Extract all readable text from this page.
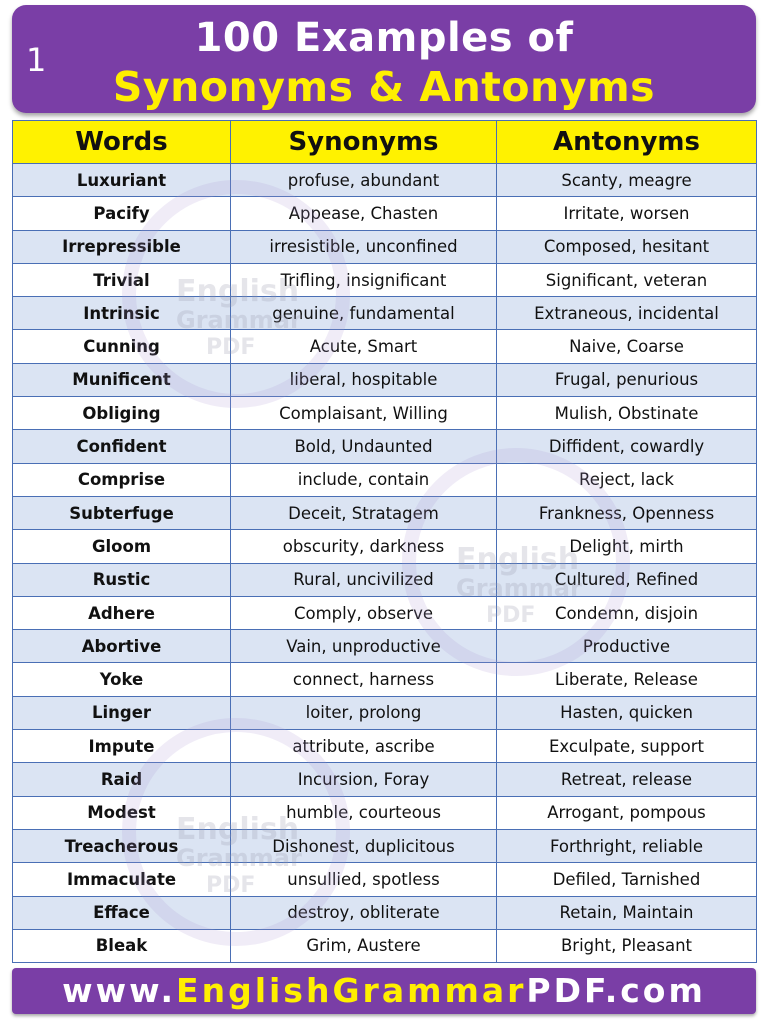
1	100 Examples of
Synonyms & Antonyms
Words	Synonyms	Antonyms
Luxuriant	profuse, abundant	Scanty, meagre
Pacify	Appease, Chasten	Irritate, worsen
Irrepressible	irresistible, unconfined	Composed, hesitant
Trivial	Trifling, insignificant	Significant, veteran
Intrinsic	genuine, fundamental	Extraneous, incidental
Cunning	Acute, Smart	Naive, Coarse
Munificent	liberal, hospitable	Frugal, penurious
Obliging	Complaisant, Willing	Mulish, Obstinate
Confident	Bold, Undaunted	Diffident, cowardly
Comprise	include, contain	Reject, lack
Subterfuge	Deceit, Stratagem	Frankness, Openness
Gloom	obscurity, darkness	Delight, mirth
Rustic	Rural, uncivilized	Cultured, Refined
Adhere	Comply, observe	Condemn, disjoin
Abortive	Vain, unproductive	Productive
Yoke	connect, harness	Liberate, Release
Linger	loiter, prolong	Hasten, quicken
Impute	attribute, ascribe	Exculpate, support
Raid	Incursion, Foray	Retreat, release
Modest	humble, courteous	Arrogant, pompous
Treacherous	Dishonest, duplicitous	Forthright, reliable
Immaculate	unsullied, spotless	Defiled, Tarnished
Efface	destroy, obliterate	Retain, Maintain
Bleak	Grim, Austere	Bright, Pleasant
English
Grammar
PDF
English
Grammar
PDF
English
Grammar
PDF
www.EnglishGrammarPDF.com
